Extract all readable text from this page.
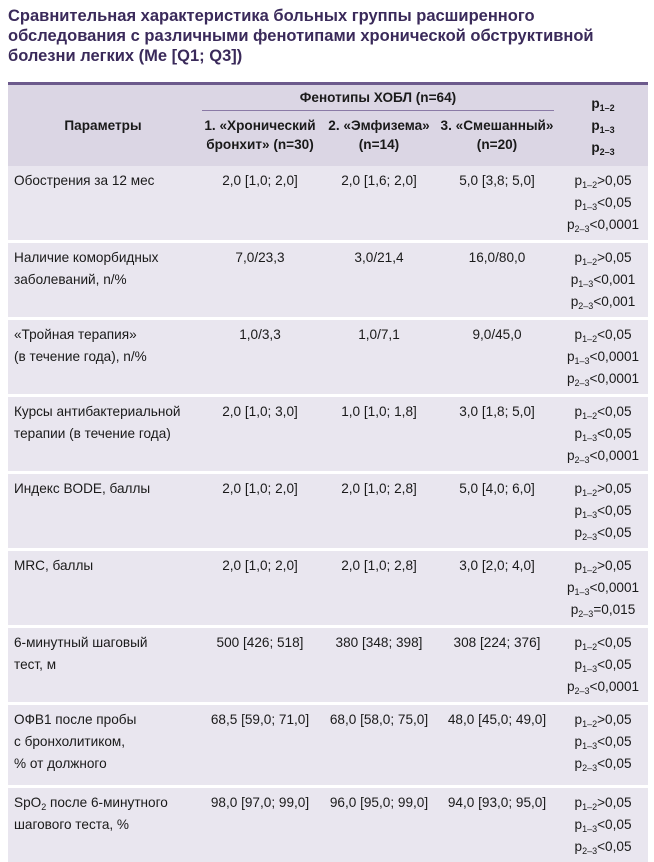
Сравнительная характеристика больных группы расширенного обследования с различными фенотипами хронической обструктивной болезни легких (Ме [Q1; Q3])
Параметры	Фенотипы ХОБЛ (n=64)			$p_{1-2}$
$p_{1-3}$
$p_{2-3}$

	1. «Хронический бронхит» (n=30)	2. «Эмфизема» (n=14)	3. «Смешанный» (n=20)	

Обострения за 12 мес	2,0 [1,0; 2,0]	2,0 [1,6; 2,0]	5,0 [3,8; 5,0]	$p_{1-2}>0,05$
$p_{1-3}<0,05$
$p_{2-3}<0,0001$

Наличие коморбидных
заболеваний, n/%	7,0/23,3	3,0/21,4	16,0/80,0	$p_{1-2}>0,05$
$p_{1-3}<0,001$
$p_{2-3}<0,001$

«Тройная терапия»
(в течение года), n/%	1,0/3,3	1,0/7,1	9,0/45,0	$p_{1-2}<0,05$
$p_{1-3}<0,0001$
$p_{2-3}<0,0001$

Курсы антибактериальной
терапии (в течение года)	2,0 [1,0; 3,0]	1,0 [1,0; 1,8]	3,0 [1,8; 5,0]	$p_{1-2}<0,05$
$p_{1-3}<0,05$
$p_{2-3}<0,0001$

Индекс BODE, баллы	2,0 [1,0; 2,0]	2,0 [1,0; 2,8]	5,0 [4,0; 6,0]	$p_{1-2}>0,05$
$p_{1-3}<0,05$
$p_{2-3}<0,05$

MRC, баллы	2,0 [1,0; 2,0]	2,0 [1,0; 2,8]	3,0 [2,0; 4,0]	$p_{1-2}>0,05$
$p_{1-3}<0,0001$
$p_{2-3}=0,015$

6-минутный шаговый
тест, м	500 [426; 518]	380 [348; 398]	308 [224; 376]	$p_{1-2}<0,05$
$p_{1-3}<0,05$
$p_{2-3}<0,0001$

ОФВ1 после пробы
с бронхолитиком,
% от должного	68,5 [59,0; 71,0]	68,0 [58,0; 75,0]	48,0 [45,0; 49,0]	$p_{1-2}>0,05$
$p_{1-3}<0,05$
$p_{2-3}<0,05$

SpO$_2$ после 6-минутного
шагового теста, %	98,0 [97,0; 99,0]	96,0 [95,0; 99,0]	94,0 [93,0; 95,0]	$p_{1-2}>0,05$
$p_{1-3}<0,05$
$p_{2-3}<0,05$
